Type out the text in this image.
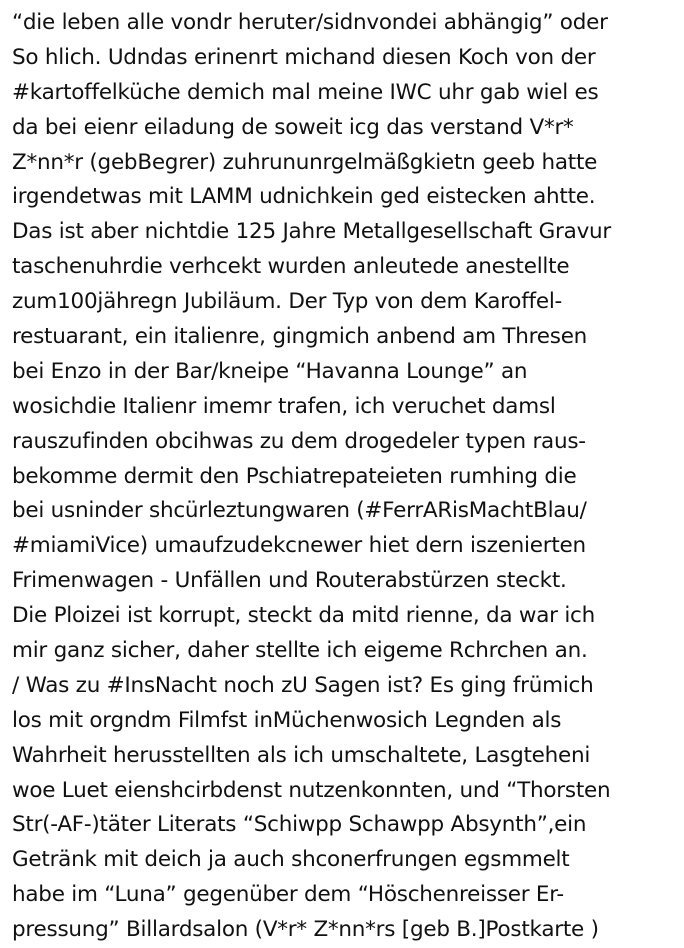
“die leben alle vondr heruter/sidnvondei abhängig” oder
So hlich. Udndas erinenrt michand diesen Koch von der
#kartoffelküche demich mal meine IWC uhr gab wiel es
da bei eienr eiladung de soweit icg das verstand V*r*
Z*nn*r (gebBegrer) zuhrununrgelmäßgkietn geeb hatte
irgendetwas mit LAMM udnichkein ged eistecken ahtte.
Das ist aber nichtdie 125 Jahre Metallgesellschaft Gravur
taschenuhrdie verhcekt wurden anleutede anestellte
zum100jähregn Jubiläum. Der Typ von dem Karoffel-
restuarant, ein italienre, gingmich anbend am Thresen
bei Enzo in der Bar/kneipe “Havanna Lounge” an
wosichdie Italienr imemr trafen, ich veruchet damsl
rauszufinden obcihwas zu dem drogedeler typen raus-
bekomme dermit den Pschiatrepateieten rumhing die
bei usninder shcürleztungwaren (#FerrARisMachtBlau/
#miamiVice) umaufzudekcnewer hiet dern iszenierten
Frimenwagen - Unfällen und Routerabstürzen steckt.
Die Ploizei ist korrupt, steckt da mitd rienne, da war ich
mir ganz sicher, daher stellte ich eigeme Rchrchen an.
/ Was zu #InsNacht noch zU Sagen ist? Es ging frümich
los mit orgndm Filmfst inMüchenwosich Legnden als
Wahrheit herusstellten als ich umschaltete, Lasgteheni
woe Luet eienshcirbdenst nutzenkonnten, und “Thorsten
Str(-AF-)täter Literats “Schiwpp Schawpp Absynth”,ein
Getränk mit deich ja auch shconerfrungen egsmmelt
habe im “Luna” gegenüber dem “Höschenreisser Er-
pressung” Billardsalon (V*r* Z*nn*rs [geb B.]Postkarte )
